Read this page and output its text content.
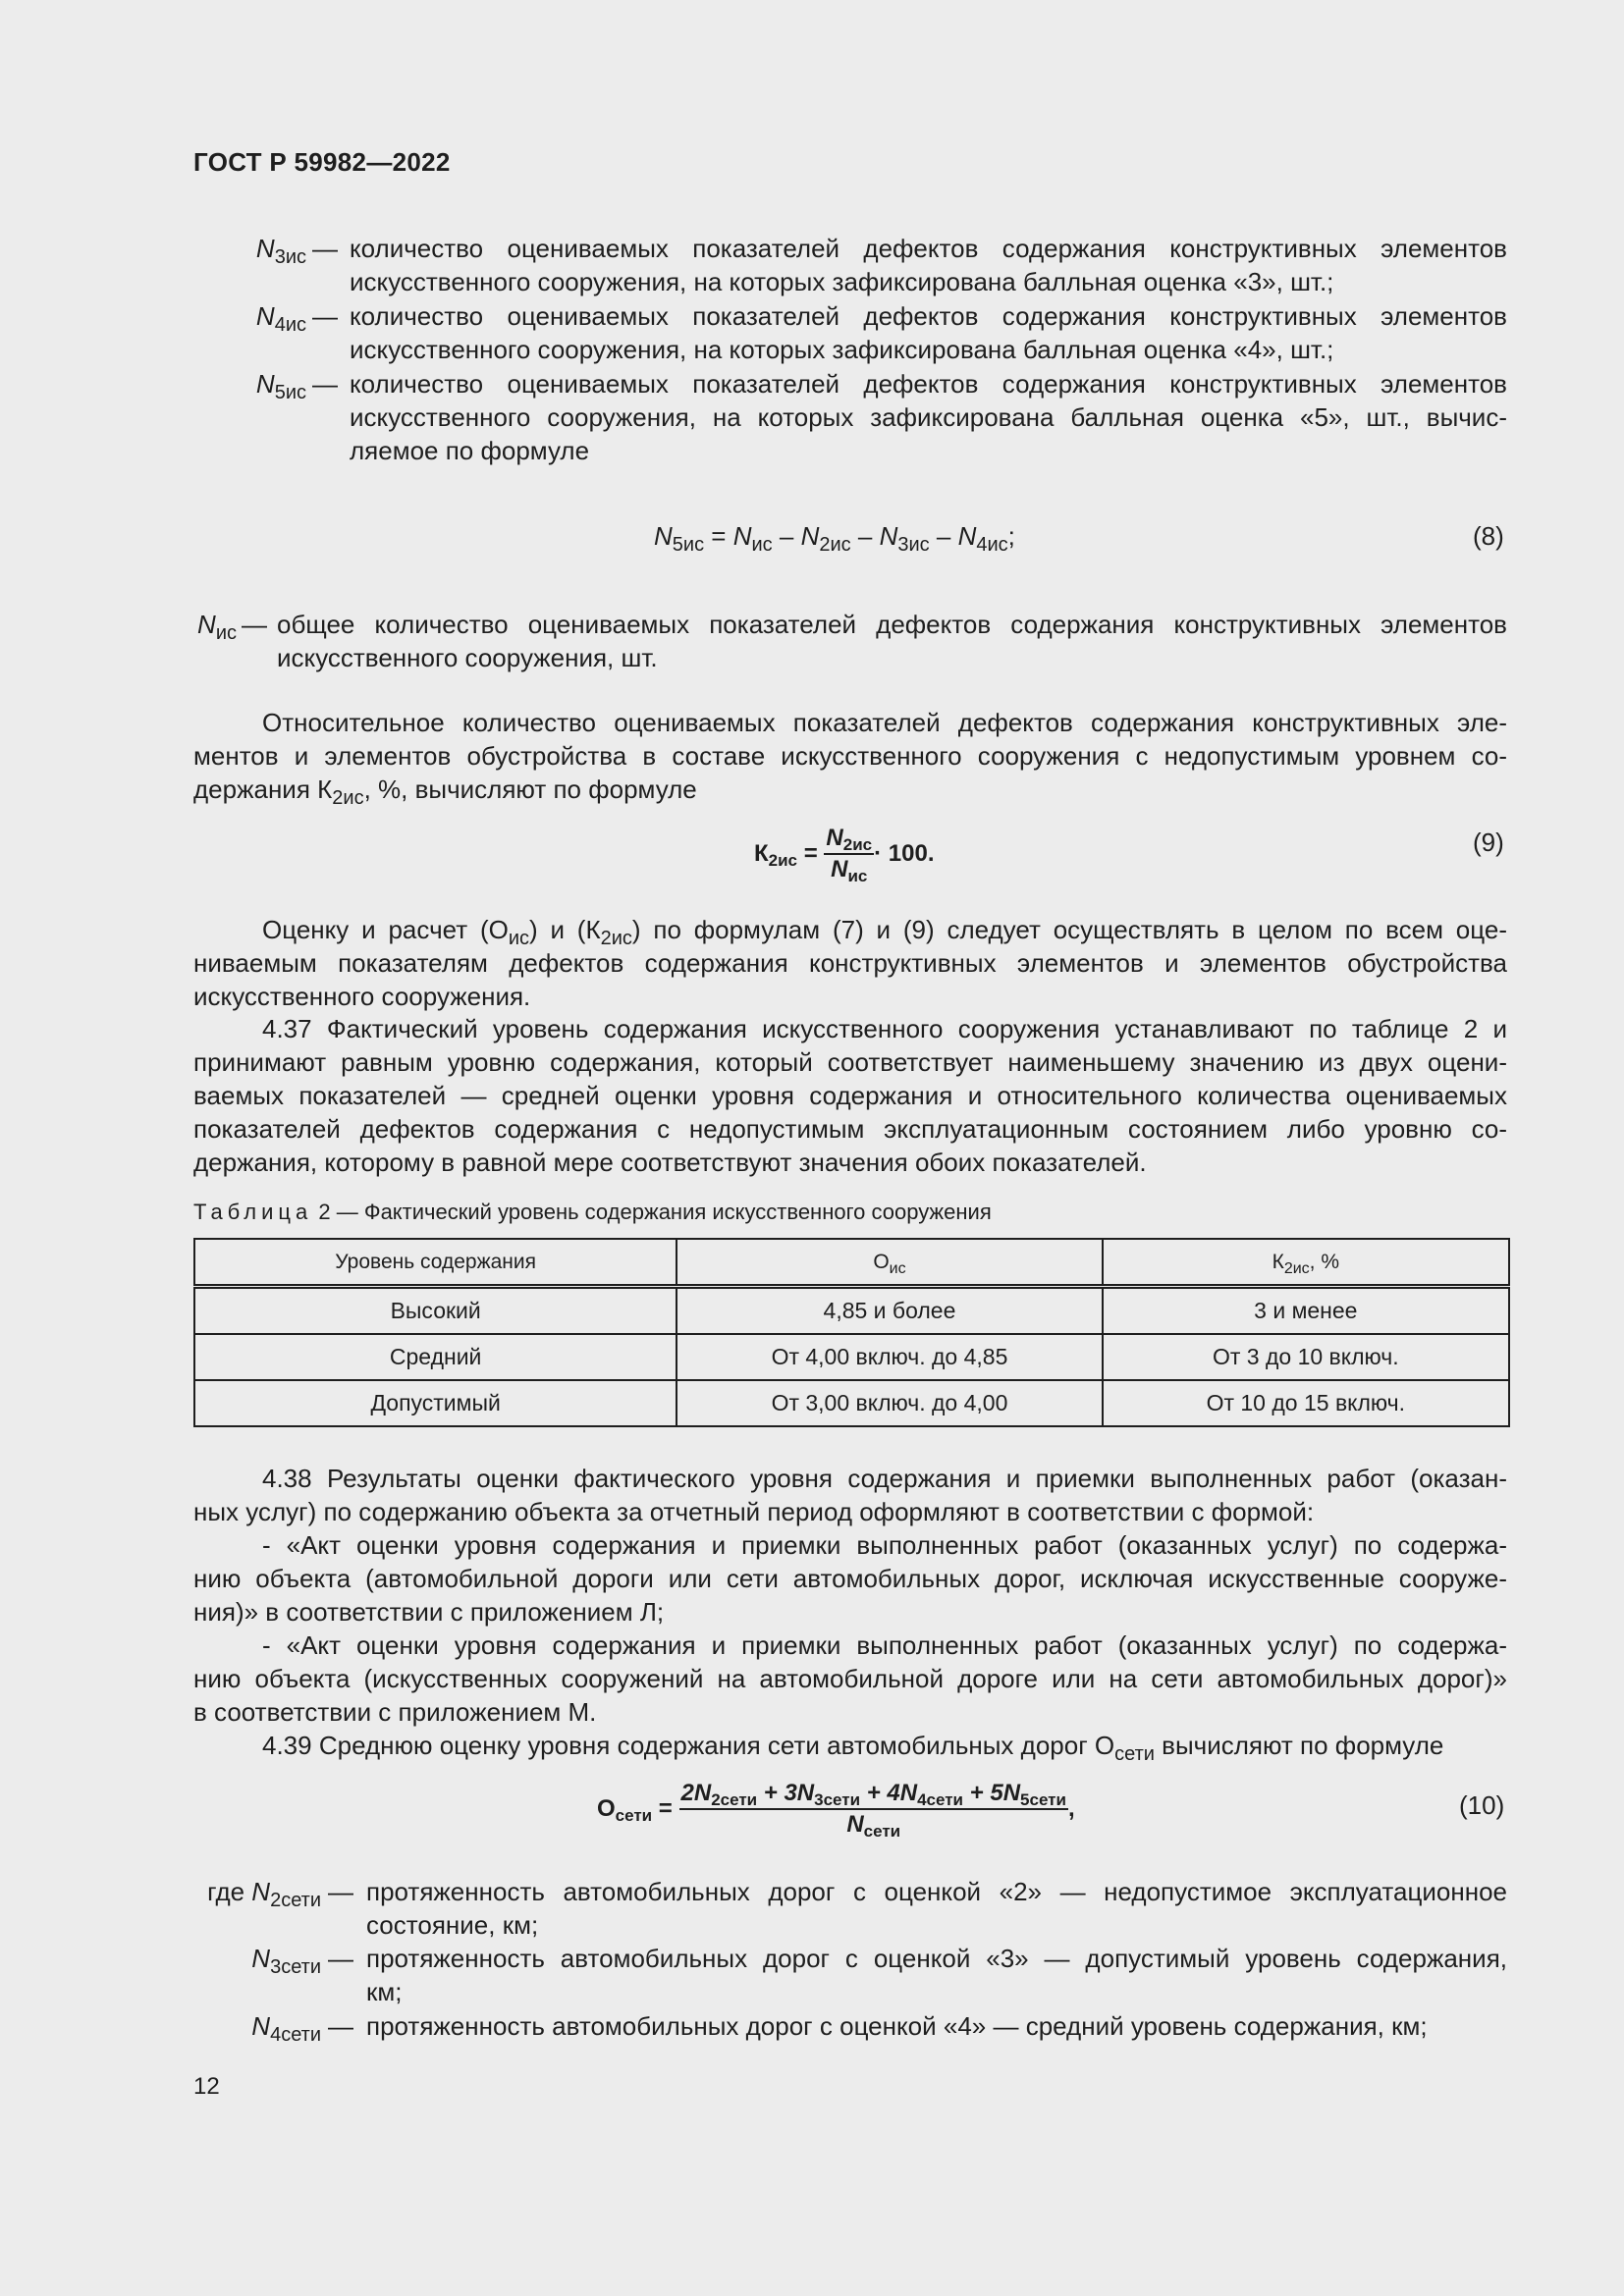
ГОСТ Р 59982—2022
$N_{3ис}$ — количество оцениваемых показателей дефектов содержания конструктивных элементов
искусственного сооружения, на которых зафиксирована балльная оценка «3», шт.;
$N_{4ис}$ — количество оцениваемых показателей дефектов содержания конструктивных элементов
искусственного сооружения, на которых зафиксирована балльная оценка «4», шт.;
$N_{5ис}$ — количество оцениваемых показателей дефектов содержания конструктивных элементов
искусственного сооружения, на которых зафиксирована балльная оценка «5», шт., вычис-
ляемое по формуле
$N_{5ис} = N_{ис} - N_{2ис} - N_{3ис} - N_{4ис}$;	(8)
$N_{ис}$ — общее количество оцениваемых показателей дефектов содержания конструктивных элементов
искусственного сооружения, шт.
Относительное количество оцениваемых показателей дефектов содержания конструктивных эле-
ментов и элементов обустройства в составе искусственного сооружения с недопустимым уровнем со-
держания $К_{2ис}$, %, вычисляют по формуле
$К_{2ис} = \frac{N_{2ис}}{N_{ис}} \cdot 100$.	(9)
Оценку и расчет $(О_{ис})$ и $(К_{2ис})$ по формулам (7) и (9) следует осуществлять в целом по всем оце-
ниваемым показателям дефектов содержания конструктивных элементов и элементов обустройства
искусственного сооружения.
4.37 Фактический уровень содержания искусственного сооружения устанавливают по таблице 2 и
принимают равным уровню содержания, который соответствует наименьшему значению из двух оцени-
ваемых показателей — средней оценки уровня содержания и относительного количества оцениваемых
показателей дефектов содержания с недопустимым эксплуатационным состоянием либо уровню со-
держания, которому в равной мере соответствуют значения обоих показателей.
Таблица 2 — Фактический уровень содержания искусственного сооружения
Уровень содержания	$О_{ис}$	$К_{2ис}$, %
Высокий	4,85 и более	3 и менее
Средний	От 4,00 включ. до 4,85	От 3 до 10 включ.
Допустимый	От 3,00 включ. до 4,00	От 10 до 15 включ.
4.38 Результаты оценки фактического уровня содержания и приемки выполненных работ (оказан-
ных услуг) по содержанию объекта за отчетный период оформляют в соответствии с формой:
- «Акт оценки уровня содержания и приемки выполненных работ (оказанных услуг) по содержа-
нию объекта (автомобильной дороги или сети автомобильных дорог, исключая искусственные сооруже-
ния)» в соответствии с приложением Л;
- «Акт оценки уровня содержания и приемки выполненных работ (оказанных услуг) по содержа-
нию объекта (искусственных сооружений на автомобильной дороге или на сети автомобильных дорог)»
в соответствии с приложением М.
4.39 Среднюю оценку уровня содержания сети автомобильных дорог $О_{сети}$ вычисляют по формуле
$О_{сети} = \frac{2N_{2сети} + 3N_{3сети} + 4N_{4сети} + 5N_{5сети}}{N_{сети}}$ ,	(10)
где $N_{2сети}$ — протяженность автомобильных дорог с оценкой «2» — недопустимое эксплуатационное
состояние, км;
$N_{3сети}$ — протяженность автомобильных дорог с оценкой «3» — допустимый уровень содержания,
км;
$N_{4сети}$ — протяженность автомобильных дорог с оценкой «4» — средний уровень содержания, км;
12
